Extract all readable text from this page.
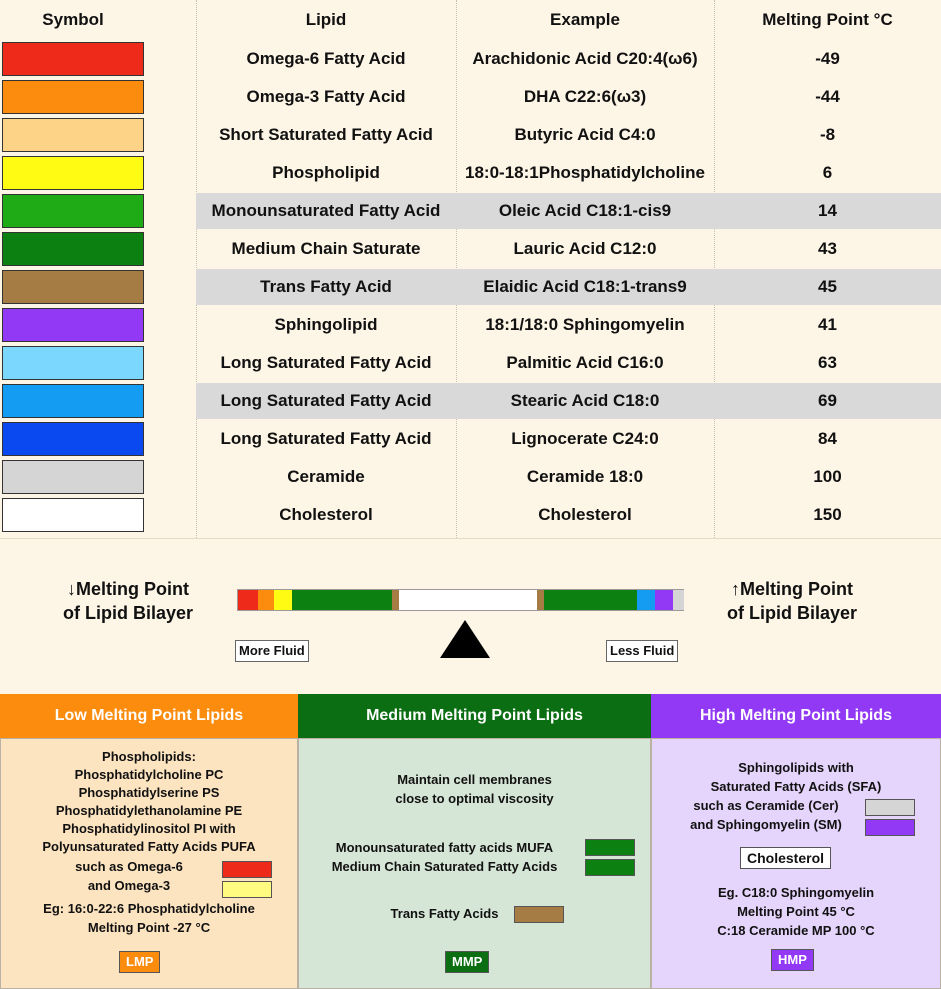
Symbol	Lipid	Example	Melting Point °C
Omega-6 Fatty Acid	Arachidonic Acid C20:4(ω6)	-49
Omega-3 Fatty Acid	DHA C22:6(ω3)	-44
Short Saturated Fatty Acid	Butyric Acid C4:0	-8
Phospholipid	18:0-18:1Phosphatidylcholine	6
Monounsaturated Fatty Acid	Oleic Acid C18:1-cis9	14
Medium Chain Saturate	Lauric Acid C12:0	43
Trans Fatty Acid	Elaidic Acid C18:1-trans9	45
Sphingolipid	18:1/18:0 Sphingomyelin	41
Long Saturated Fatty Acid	Palmitic Acid C16:0	63
Long Saturated Fatty Acid	Stearic Acid C18:0	69
Long Saturated Fatty Acid	Lignocerate C24:0	84
Ceramide	Ceramide 18:0	100
Cholesterol	Cholesterol	150
↓Melting Point
of Lipid Bilayer
↑Melting Point
of Lipid Bilayer
More Fluid	Less Fluid
Low Melting Point Lipids
Phospholipids:
Phosphatidylcholine PC
Phosphatidylserine PS
Phosphatidylethanolamine PE
Phosphatidylinositol PI with
Polyunsaturated Fatty Acids PUFA
such as Omega-6
and Omega-3
Eg: 16:0-22:6 Phosphatidylcholine
Melting Point -27 °C
LMP
Medium Melting Point Lipids
Maintain cell membranes
close to optimal viscosity
Monounsaturated fatty acids MUFA
Medium Chain Saturated Fatty Acids
Trans Fatty Acids
MMP
High Melting Point Lipids
Sphingolipids with
Saturated Fatty Acids (SFA)
such as Ceramide (Cer)
and Sphingomyelin (SM)
Cholesterol
Eg. C18:0 Sphingomyelin
Melting Point 45 °C
C:18 Ceramide MP 100 °C
HMP
